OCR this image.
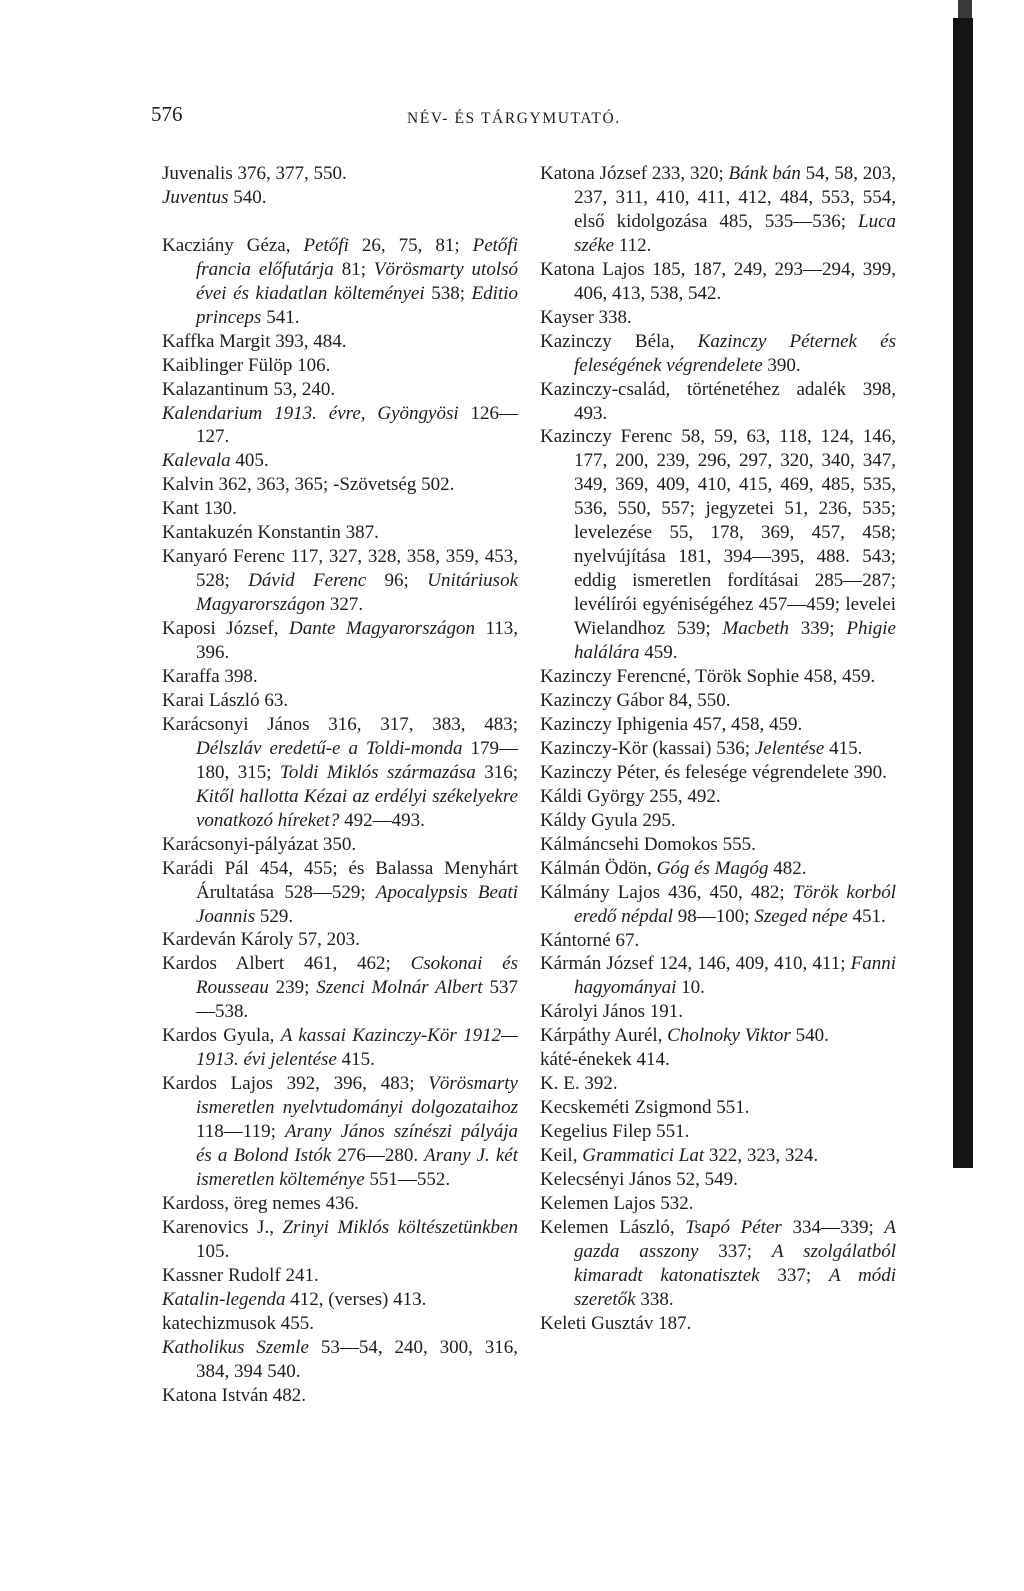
576	NÉV- ÉS TÁRGYMUTATÓ.
Juvenalis 376, 377, 550.
Juventus 540.
Kacziány Géza, Petőfi 26, 75, 81; Petőfi francia előfutárja 81; Vörösmarty utolsó évei és kiadatlan költeményei 538; Editio princeps 541.
Kaffka Margit 393, 484.
Kaiblinger Fülöp 106.
Kalazantinum 53, 240.
Kalendarium 1913. évre, Gyöngyösi 126—127.
Kalevala 405.
Kalvin 362, 363, 365; -Szövetség 502.
Kant 130.
Kantakuzén Konstantin 387.
Kanyaró Ferenc 117, 327, 328, 358, 359, 453, 528; Dávid Ferenc 96; Unitáriusok Magyarországon 327.
Kaposi József, Dante Magyarországon 113, 396.
Karaffa 398.
Karai László 63.
Karácsonyi János 316, 317, 383, 483; Délszláv eredetű-e a Toldi-monda 179—180, 315; Toldi Miklós származása 316; Kitől hallotta Kézai az erdélyi székelyekre vonatkozó híreket? 492—493.
Karácsonyi-pályázat 350.
Karádi Pál 454, 455; és Balassa Menyhárt Árultatása 528—529; Apocalypsis Beati Joannis 529.
Kardeván Károly 57, 203.
Kardos Albert 461, 462; Csokonai és Rousseau 239; Szenci Molnár Albert 537—538.
Kardos Gyula, A kassai Kazinczy-Kör 1912—1913. évi jelentése 415.
Kardos Lajos 392, 396, 483; Vörösmarty ismeretlen nyelvtudományi dolgozataihoz 118—119; Arany János színészi pályája és a Bolond Istók 276—280. Arany J. két ismeretlen költeménye 551—552.
Kardoss, öreg nemes 436.
Karenovics J., Zrinyi Miklós költészetünkben 105.
Kassner Rudolf 241.
Katalin-legenda 412, (verses) 413.
katechizmusok 455.
Katholikus Szemle 53—54, 240, 300, 316, 384, 394 540.
Katona István 482.
Katona József 233, 320; Bánk bán 54, 58, 203, 237, 311, 410, 411, 412, 484, 553, 554, első kidolgozása 485, 535—536; Luca széke 112.
Katona Lajos 185, 187, 249, 293—294, 399, 406, 413, 538, 542.
Kayser 338.
Kazinczy Béla, Kazinczy Péternek és feleségének végrendelete 390.
Kazinczy-család, történetéhez adalék 398, 493.
Kazinczy Ferenc 58, 59, 63, 118, 124, 146, 177, 200, 239, 296, 297, 320, 340, 347, 349, 369, 409, 410, 415, 469, 485, 535, 536, 550, 557; jegyzetei 51, 236, 535; levelezése 55, 178, 369, 457, 458; nyelvújítása 181, 394—395, 488. 543; eddig ismeretlen fordításai 285—287; levélírói egyéniségéhez 457—459; levelei Wielandhoz 539; Macbeth 339; Phigie halálára 459.
Kazinczy Ferencné, Török Sophie 458, 459.
Kazinczy Gábor 84, 550.
Kazinczy Iphigenia 457, 458, 459.
Kazinczy-Kör (kassai) 536; Jelentése 415.
Kazinczy Péter, és felesége végrendelete 390.
Káldi György 255, 492.
Káldy Gyula 295.
Kálmáncsehi Domokos 555.
Kálmán Ödön, Góg és Magóg 482.
Kálmány Lajos 436, 450, 482; Török korból eredő népdal 98—100; Szeged népe 451.
Kántorné 67.
Kármán József 124, 146, 409, 410, 411; Fanni hagyományai 10.
Károlyi János 191.
Kárpáthy Aurél, Cholnoky Viktor 540.
káté-énekek 414.
K. E. 392.
Kecskeméti Zsigmond 551.
Kegelius Filep 551.
Keil, Grammatici Lat 322, 323, 324.
Kelecsényi János 52, 549.
Kelemen Lajos 532.
Kelemen László, Tsapó Péter 334—339; A gazda asszony 337; A szolgálatból kimaradt katonatisztek 337; A módi szeretők 338.
Keleti Gusztáv 187.
